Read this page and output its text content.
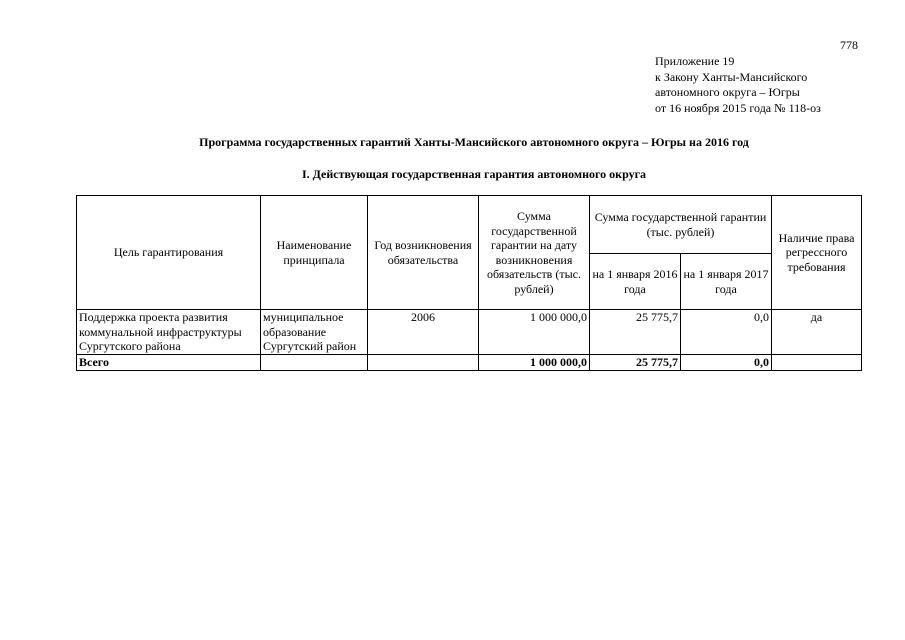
778
Приложение 19
к Закону Ханты-Мансийского
автономного округа – Югры
от 16 ноября 2015 года № 118-оз
Программа государственных гарантий Ханты-Мансийского автономного округа – Югры на 2016 год
I. Действующая государственная гарантия автономного округа
Цель гарантирования	Наименование принципала	Год возникновения обязательства	Сумма государственной гарантии на дату возникновения обязательств (тыс. рублей)	Сумма государственной гарантии (тыс. рублей)		Наличие права регрессного требования
				на 1 января 2016 года	на 1 января 2017 года	
Поддержка проекта развития коммунальной инфраструктуры Сургутского района	муниципальное образование Сургутский район	2006	1 000 000,0	25 775,7	0,0	да
Всего			1 000 000,0	25 775,7	0,0	
